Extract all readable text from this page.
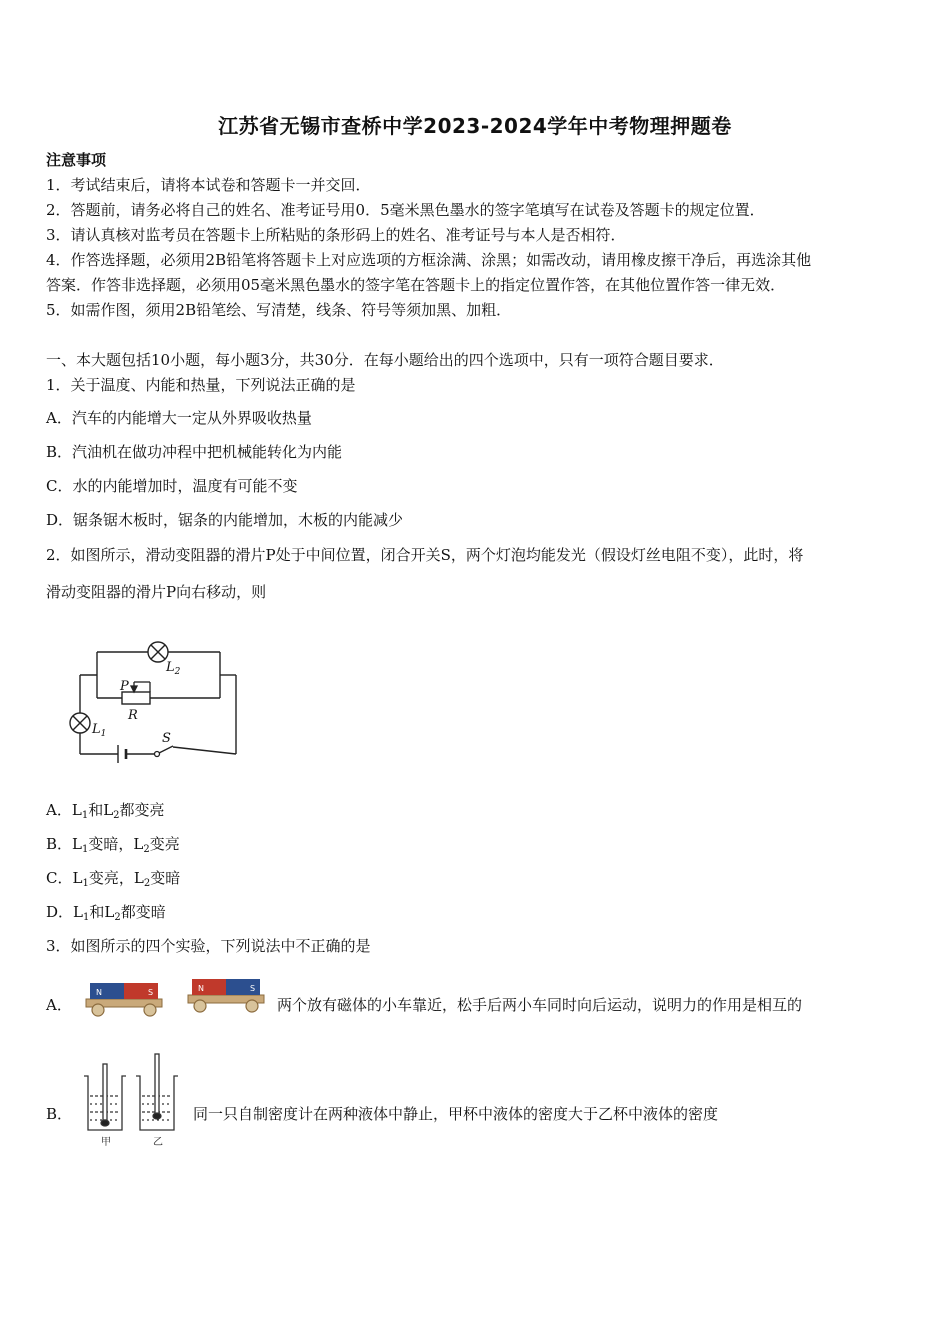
江苏省无锡市查桥中学2023-2024学年中考物理押题卷
注意事项
1．考试结束后，请将本试卷和答题卡一并交回．
2．答题前，请务必将自己的姓名、准考证号用0．5毫米黑色墨水的签字笔填写在试卷及答题卡的规定位置．
3．请认真核对监考员在答题卡上所粘贴的条形码上的姓名、准考证号与本人是否相符．
4．作答选择题，必须用2B铅笔将答题卡上对应选项的方框涂满、涂黑；如需改动，请用橡皮擦干净后，再选涂其他
答案．作答非选择题，必须用05毫米黑色墨水的签字笔在答题卡上的指定位置作答，在其他位置作答一律无效．
5．如需作图，须用2B铅笔绘、写清楚，线条、符号等须加黑、加粗．
一、本大题包括10小题，每小题3分，共30分．在每小题给出的四个选项中，只有一项符合题目要求．
1．关于温度、内能和热量，下列说法正确的是
A．汽车的内能增大一定从外界吸收热量
B．汽油机在做功冲程中把机械能转化为内能
C．水的内能增加时，温度有可能不变
D．锯条锯木板时，锯条的内能增加，木板的内能减少
2．如图所示，滑动变阻器的滑片P处于中间位置，闭合开关S，两个灯泡均能发光（假设灯丝电阻不变），此时，将
滑动变阻器的滑片P向右移动，则
$L_2$
$L_1$
P
R
S
A．$L_1$和$L_2$都变亮
B．$L_1$变暗，$L_2$变亮
C．$L_1$变亮，$L_2$变暗
D．$L_1$和$L_2$都变暗
3．如图所示的四个实验，下列说法中不正确的是
A．
N	S	N	S
两个放有磁体的小车靠近，松手后两小车同时向后运动，说明力的作用是相互的
B．
甲	乙
同一只自制密度计在两种液体中静止，甲杯中液体的密度大于乙杯中液体的密度
